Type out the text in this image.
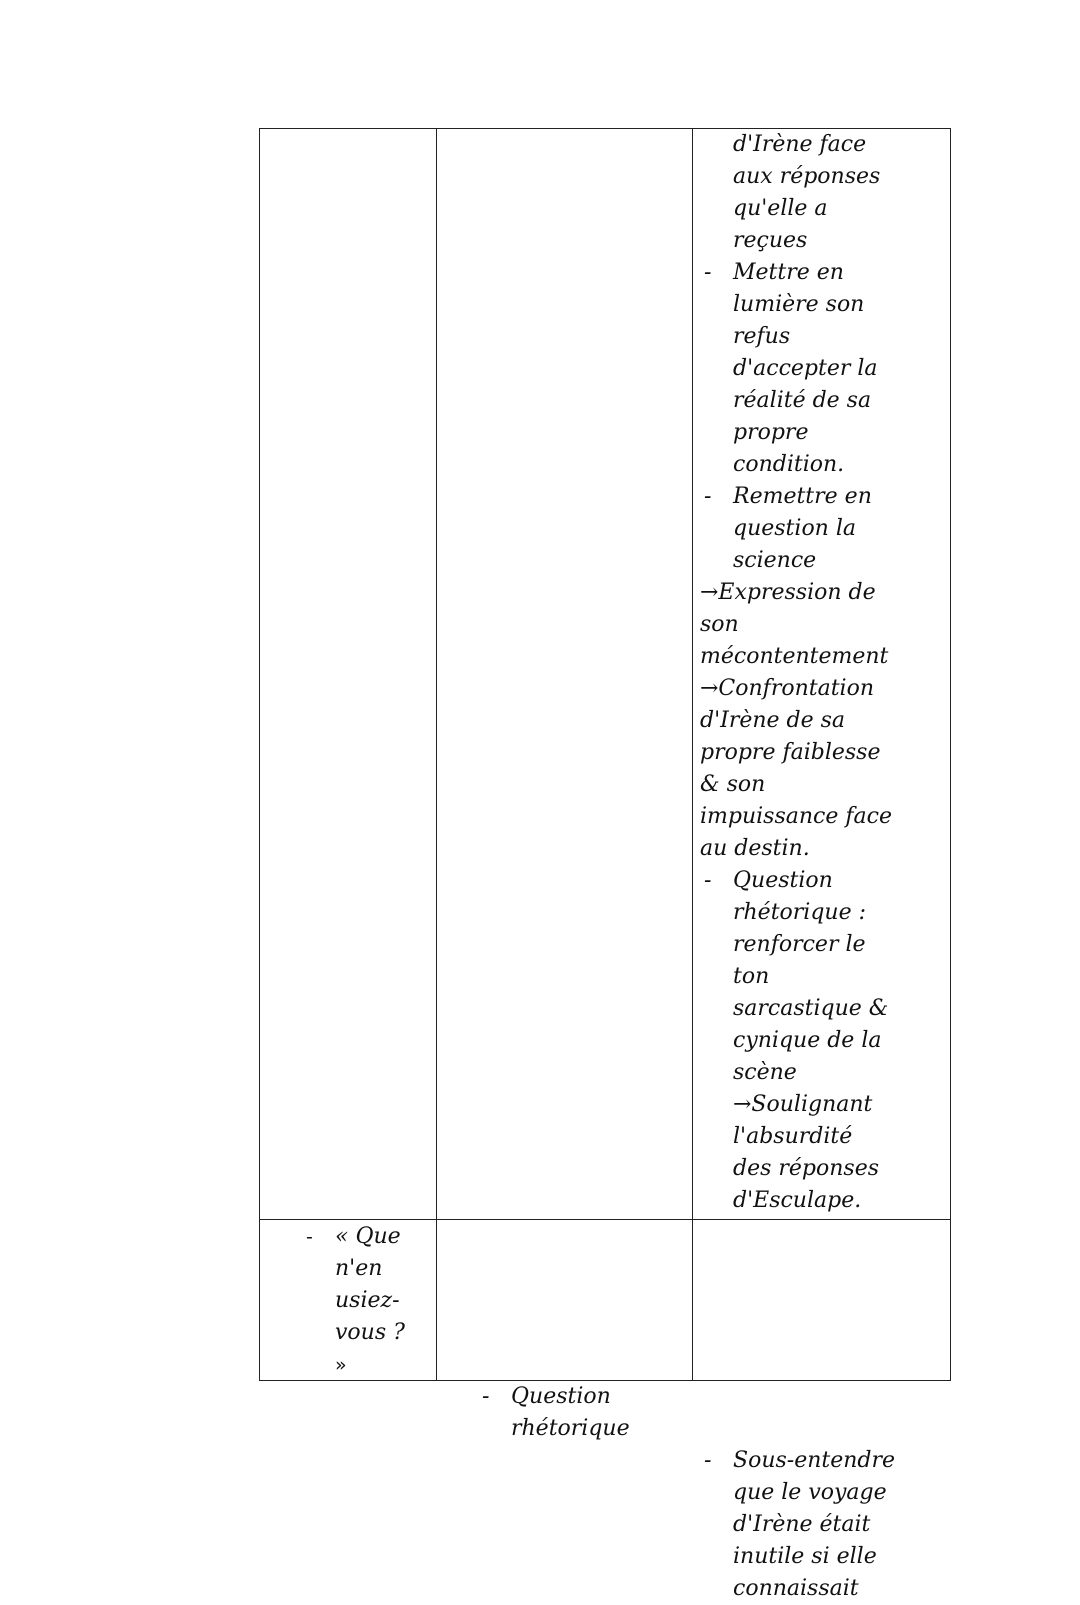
d'Irène face
aux réponses
qu'elle a
reçues
- Mettre en
lumière son
refus
d'accepter la
réalité de sa
propre
condition.
- Remettre en
question la
science
→Expression de
son
mécontentement
→Confrontation
d'Irène de sa
propre faiblesse
& son
impuissance face
au destin.
- Question
rhétorique :
renforcer le
ton
sarcastique &
cynique de la
scène
→Soulignant
l'absurdité
des réponses
d'Esculape.
- « Que
n'en
usiez-
vous ?
»
- Question
rhétorique
- Sous-entendre
que le voyage
d'Irène était
inutile si elle
connaissait
